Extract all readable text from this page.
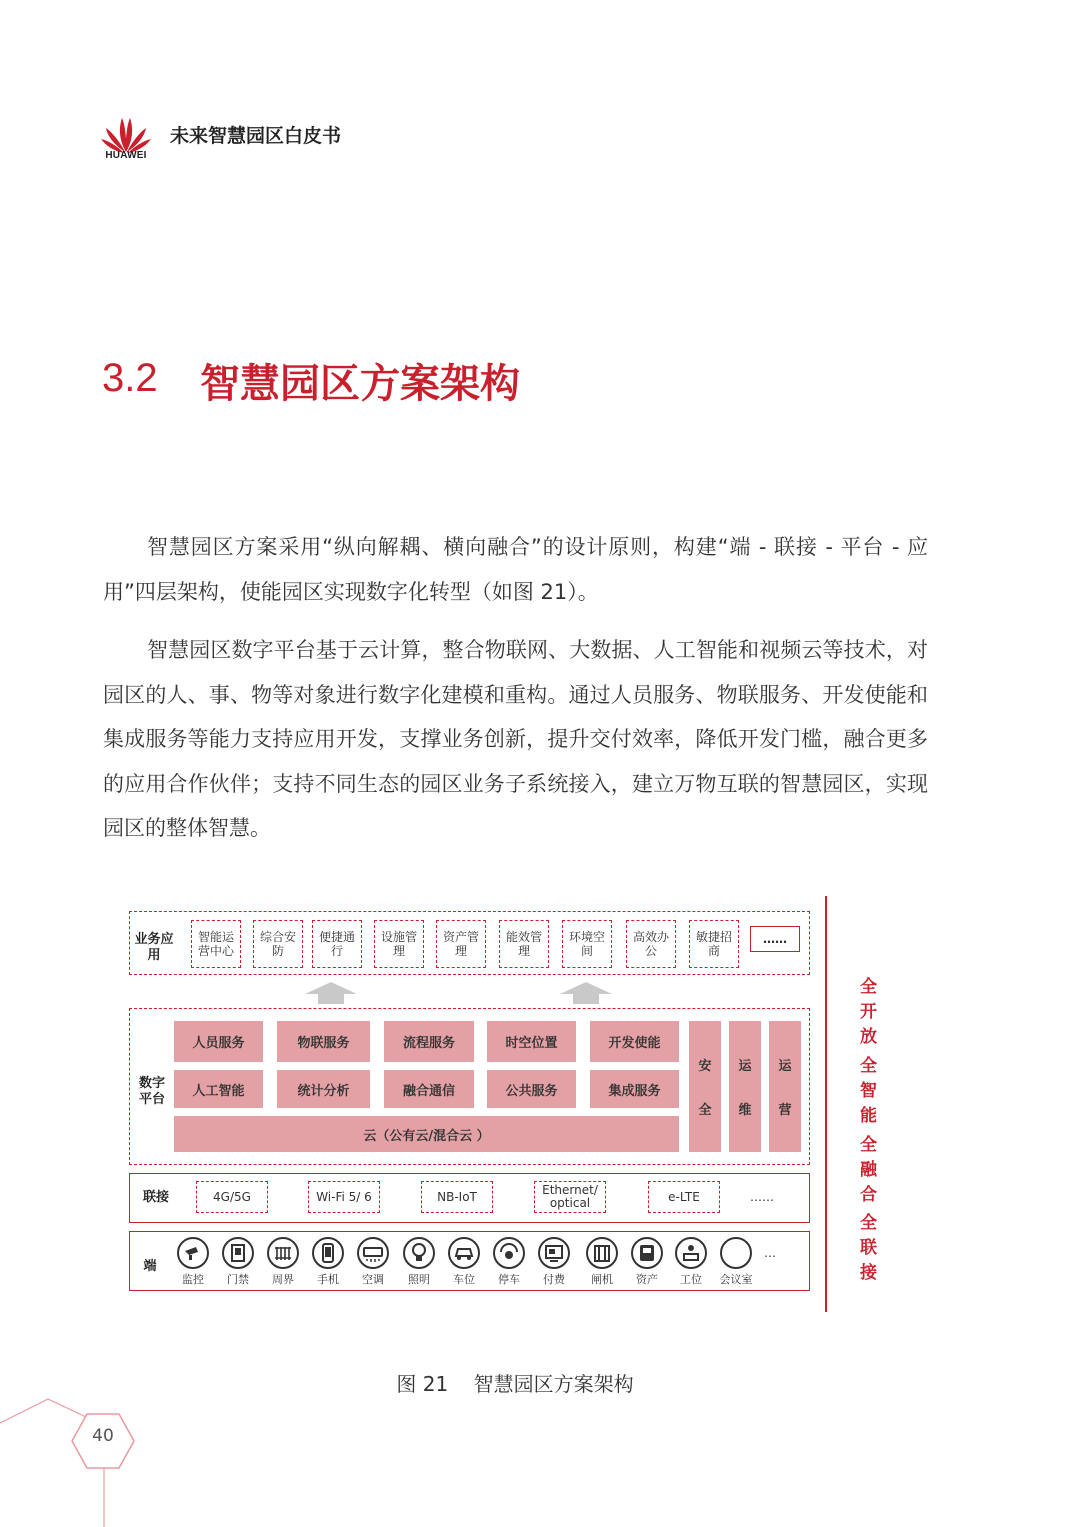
HUAWEI
未来智慧园区白皮书
3.2 智慧园区方案架构
智慧园区方案采用“纵向解耦、横向融合”的设计原则，构建“端 - 联接 - 平台 - 应用”四层架构，使能园区实现数字化转型（如图 21）。
智慧园区数字平台基于云计算，整合物联网、大数据、人工智能和视频云等技术，对园区的人、事、物等对象进行数字化建模和重构。通过人员服务、物联服务、开发使能和集成服务等能力支持应用开发，支撑业务创新，提升交付效率，降低开发门槛，融合更多的应用合作伙伴；支持不同生态的园区业务子系统接入，建立万物互联的智慧园区，实现园区的整体智慧。
业务应用
智能运营中心
综合安防
便捷通行
设施管理
资产管理
能效管理
环境空间
高效办公
敏捷招商
……
数字平台
人员服务	物联服务	流程服务	时空位置	开发使能
人工智能	统计分析	融合通信	公共服务	集成服务
云（公有云/混合云 ）
安
全
运
维
运
营
联接	4G/5G	Wi-Fi 5/ 6	NB-IoT	Ethernet/ optical	e-LTE	……
端
监控	门禁	周界	手机	空调	照明	车位	停车	付费	闸机	资产	工位	会议室
…
全开放
全智能
全融合
全联接
图 21    智慧园区方案架构
40
